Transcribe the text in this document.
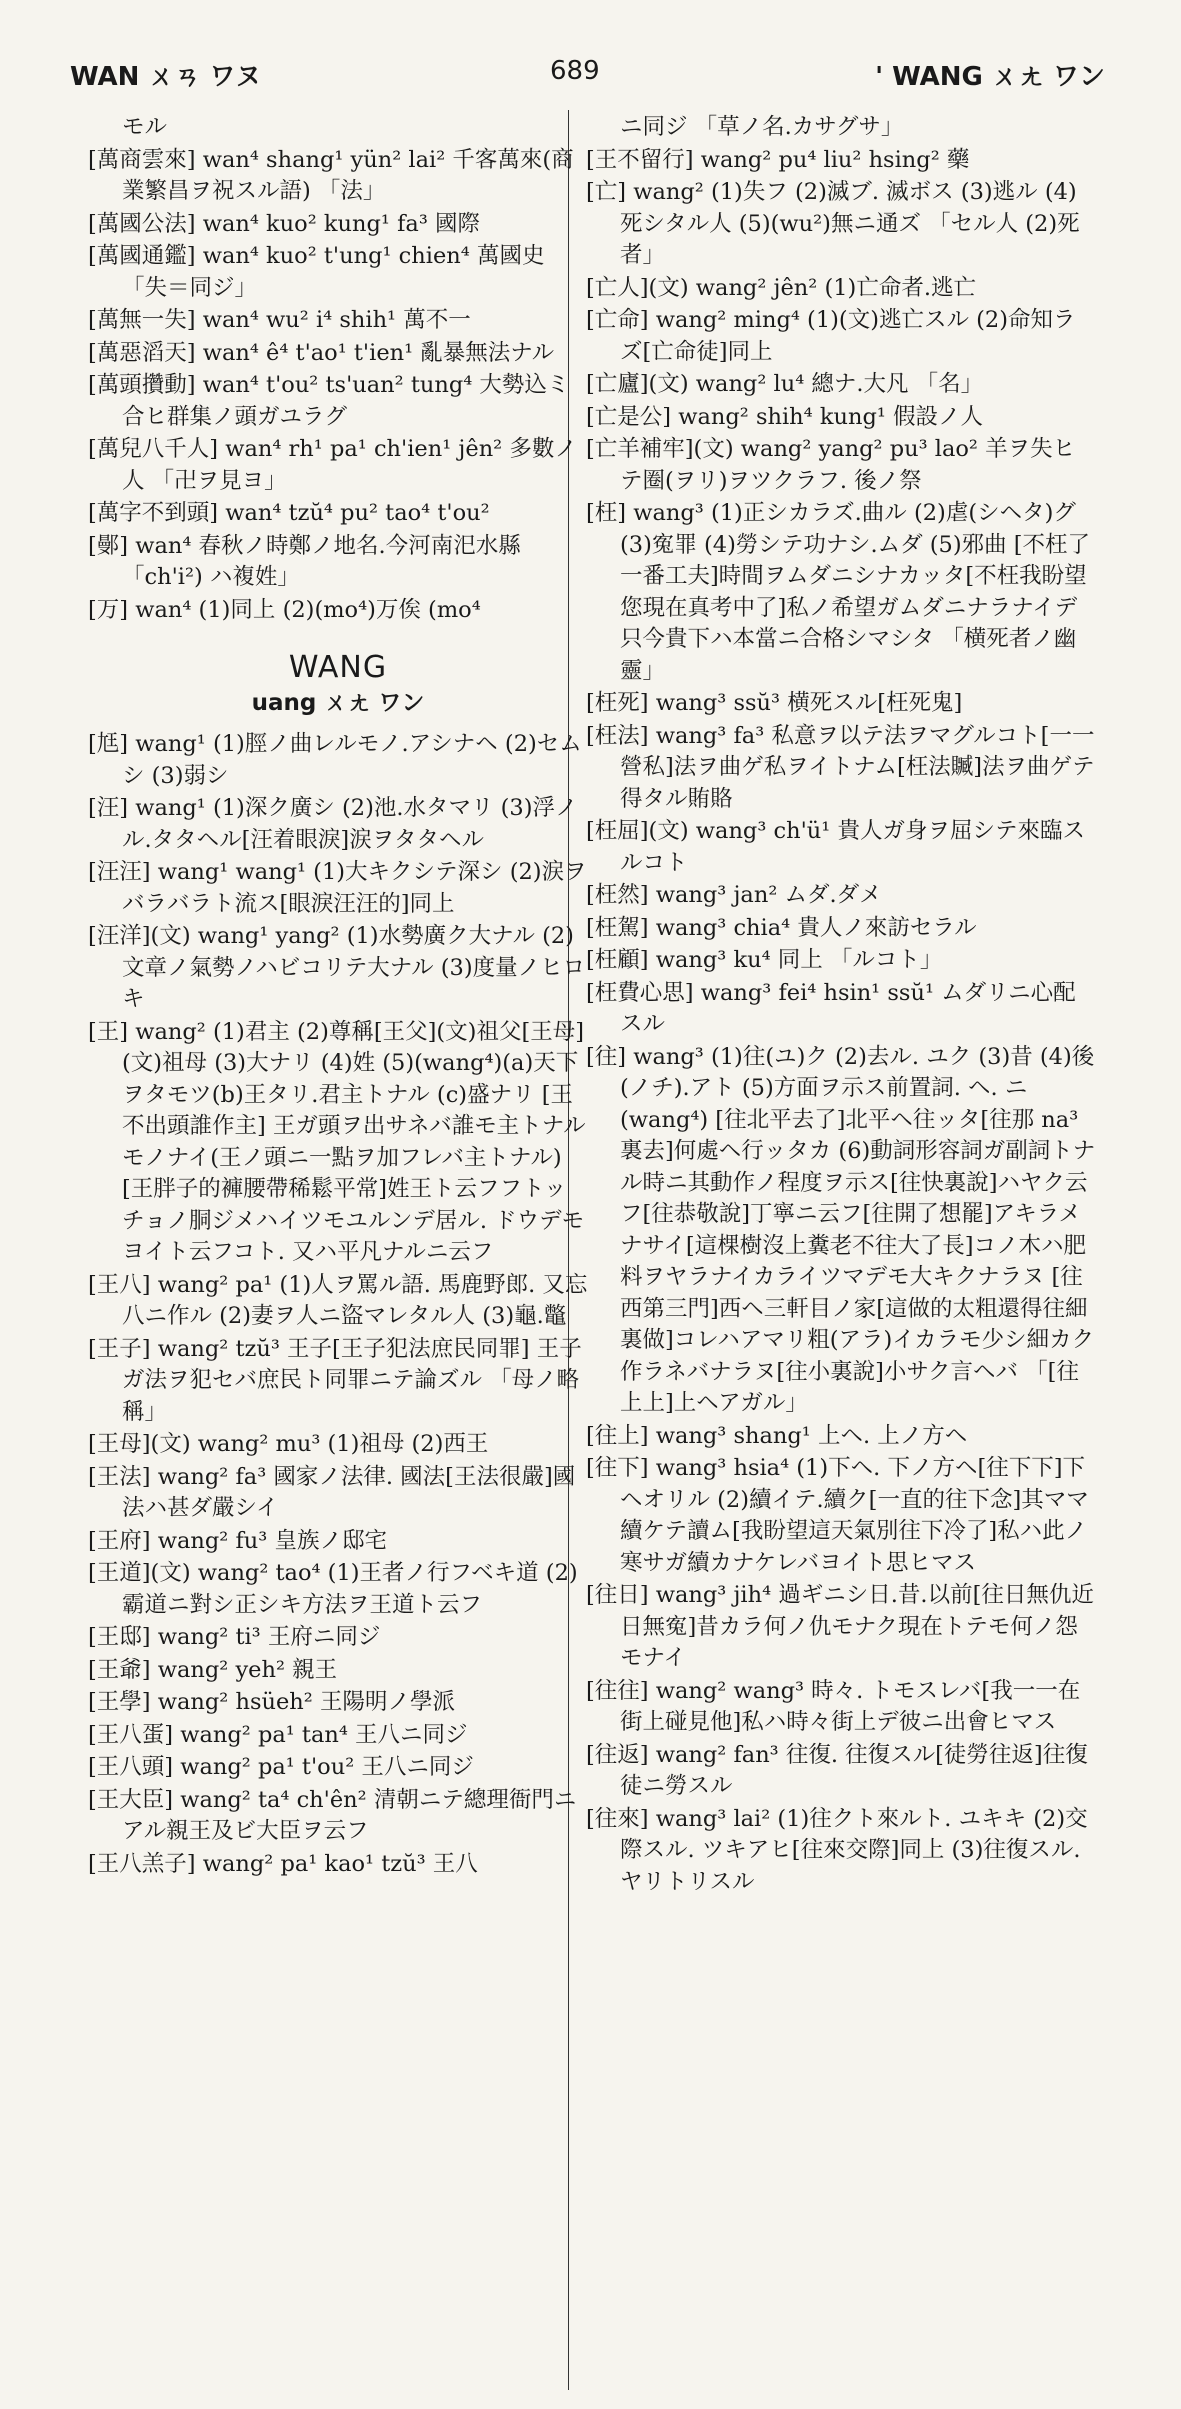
WAN ㄨㄢ ワヌ	689	' WANG ㄨㄤ ワン
モル
[萬商雲來] wan⁴ shang¹ yün² lai² 千客萬來(商業繁昌ヲ祝スル語) 「法」
[萬國公法] wan⁴ kuo² kung¹ fa³ 國際
[萬國通鑑] wan⁴ kuo² t'ung¹ chien⁴ 萬國史 「失＝同ジ」
[萬無一失] wan⁴ wu² i⁴ shih¹ 萬不一
[萬惡滔天] wan⁴ ê⁴ t'ao¹ t'ien¹ 亂暴無法ナル
[萬頭攢動] wan⁴ t'ou² ts'uan² tung⁴ 大勢込ミ合ヒ群集ノ頭ガユラグ
[萬兒八千人] wan⁴ rh¹ pa¹ ch'ien¹ jên² 多數ノ人 「卍ヲ見ヨ」
[萬字不到頭] wan⁴ tzŭ⁴ pu² tao⁴ t'ou²
[鄤] wan⁴ 春秋ノ時鄭ノ地名.今河南汜水縣 「ch'i²) ハ複姓」
[万] wan⁴ (1)同上 (2)(mo⁴)万俟 (mo⁴
WANG
uang ㄨㄤ ワン
[尪] wang¹ (1)脛ノ曲レルモノ.アシナヘ (2)セムシ (3)弱シ
[汪] wang¹ (1)深ク廣シ (2)池.水タマリ (3)浮ノル.タタヘル[汪着眼淚]涙ヲタタヘル
[汪汪] wang¹ wang¹ (1)大キクシテ深シ (2)涙ヲバラバラト流ス[眼淚汪汪的]同上
[汪洋](文) wang¹ yang² (1)水勢廣ク大ナル (2)文章ノ氣勢ノハビコリテ大ナル (3)度量ノヒロキ
[王] wang² (1)君主 (2)尊稱[王父](文)祖父[王母](文)祖母 (3)大ナリ (4)姓 (5)(wang⁴)(a)天下ヲタモツ(b)王タリ.君主トナル (c)盛ナリ [王不出頭誰作主] 王ガ頭ヲ出サネバ誰モ主トナルモノナイ(王ノ頭ニ一點ヲ加フレバ主トナル)[王胖子的褲腰帶稀鬆平常]姓王ト云フフトッチョノ胴ジメハイツモユルンデ居ル. ドウデモヨイト云フコト. 又ハ平凡ナルニ云フ
[王八] wang² pa¹ (1)人ヲ罵ル語. 馬鹿野郎. 又忘八ニ作ル (2)妻ヲ人ニ盜マレタル人 (3)龜.鼈
[王子] wang² tzŭ³ 王子[王子犯法庶民同罪] 王子ガ法ヲ犯セバ庶民ト同罪ニテ論ズル 「母ノ略稱」
[王母](文) wang² mu³ (1)祖母 (2)西王
[王法] wang² fa³ 國家ノ法律. 國法[王法很嚴]國法ハ甚ダ嚴シイ
[王府] wang² fu³ 皇族ノ邸宅
[王道](文) wang² tao⁴ (1)王者ノ行フベキ道 (2)霸道ニ對シ正シキ方法ヲ王道ト云フ
[王邸] wang² ti³ 王府ニ同ジ
[王爺] wang² yeh² 親王
[王學] wang² hsüeh² 王陽明ノ學派
[王八蛋] wang² pa¹ tan⁴ 王八ニ同ジ
[王八頭] wang² pa¹ t'ou² 王八ニ同ジ
[王大臣] wang² ta⁴ ch'ên² 清朝ニテ總理衙門ニアル親王及ビ大臣ヲ云フ
[王八羔子] wang² pa¹ kao¹ tzŭ³ 王八
ニ同ジ 「草ノ名.カサグサ」
[王不留行] wang² pu⁴ liu² hsing² 藥
[亡] wang² (1)失フ (2)滅ブ. 滅ボス (3)逃ル (4)死シタル人 (5)(wu²)無ニ通ズ 「セル人 (2)死者」
[亡人](文) wang² jên² (1)亡命者.逃亡
[亡命] wang² ming⁴ (1)(文)逃亡スル (2)命知ラズ[亡命徒]同上
[亡廬](文) wang² lu⁴ 總ナ.大凡 「名」
[亡是公] wang² shih⁴ kung¹ 假設ノ人
[亡羊補牢](文) wang² yang² pu³ lao² 羊ヲ失ヒテ圈(ヲリ)ヲツクラフ. 後ノ祭
[枉] wang³ (1)正シカラズ.曲ル (2)虐(シヘタ)グ (3)寃罪 (4)勞シテ功ナシ.ムダ (5)邪曲 [不枉了一番工夫]時間ヲムダニシナカッタ[不枉我盼望您現在真考中了]私ノ希望ガムダニナラナイデ只今貴下ハ本當ニ合格シマシタ 「横死者ノ幽靈」
[枉死] wang³ ssŭ³ 横死スル[枉死鬼]
[枉法] wang³ fa³ 私意ヲ以テ法ヲマグルコト[一一營私]法ヲ曲ゲ私ヲイトナム[枉法贓]法ヲ曲ゲテ得タル賄賂
[枉屈](文) wang³ ch'ü¹ 貴人ガ身ヲ屈シテ來臨スルコト
[枉然] wang³ jan² ムダ.ダメ
[枉駕] wang³ chia⁴ 貴人ノ來訪セラル
[枉顧] wang³ ku⁴ 同上 「ルコト」
[枉費心思] wang³ fei⁴ hsin¹ ssŭ¹ ムダリニ心配スル
[往] wang³ (1)往(ユ)ク (2)去ル. ユク (3)昔 (4)後(ノチ).アト (5)方面ヲ示ス前置詞. ヘ. ニ (wang⁴) [往北平去了]北平ヘ往ッタ[往那 na³ 裏去]何處ヘ行ッタカ (6)動詞形容詞ガ副詞トナル時ニ其動作ノ程度ヲ示ス[往快裏說]ハヤク云フ[往恭敬說]丁寧ニ云フ[往開了想罷]アキラメナサイ[這棵樹沒上糞老不往大了長]コノ木ハ肥料ヲヤラナイカライツマデモ大キクナラヌ [往西第三門]西ヘ三軒目ノ家[這做的太粗還得往細裏做]コレハアマリ粗(アラ)イカラモ少シ細カク作ラネバナラヌ[往小裏說]小サク言ヘバ 「[往上上]上ヘアガル」
[往上] wang³ shang¹ 上ヘ. 上ノ方ヘ
[往下] wang³ hsia⁴ (1)下ヘ. 下ノ方ヘ[往下下]下ヘオリル (2)續イテ.續ク[一直的往下念]其ママ續ケテ讀ム[我盼望這天氣別往下冷了]私ハ此ノ寒サガ續カナケレバヨイト思ヒマス
[往日] wang³ jih⁴ 過ギニシ日.昔.以前[往日無仇近日無寃]昔カラ何ノ仇モナク現在トテモ何ノ怨モナイ
[往往] wang² wang³ 時々. トモスレバ[我一一在街上碰見他]私ハ時々街上デ彼ニ出會ヒマス
[往返] wang² fan³ 往復. 往復スル[徒勞往返]往復徒ニ勞スル
[往來] wang³ lai² (1)往クト來ルト. ユキキ (2)交際スル. ツキアヒ[往來交際]同上 (3)往復スル. ヤリトリスル
